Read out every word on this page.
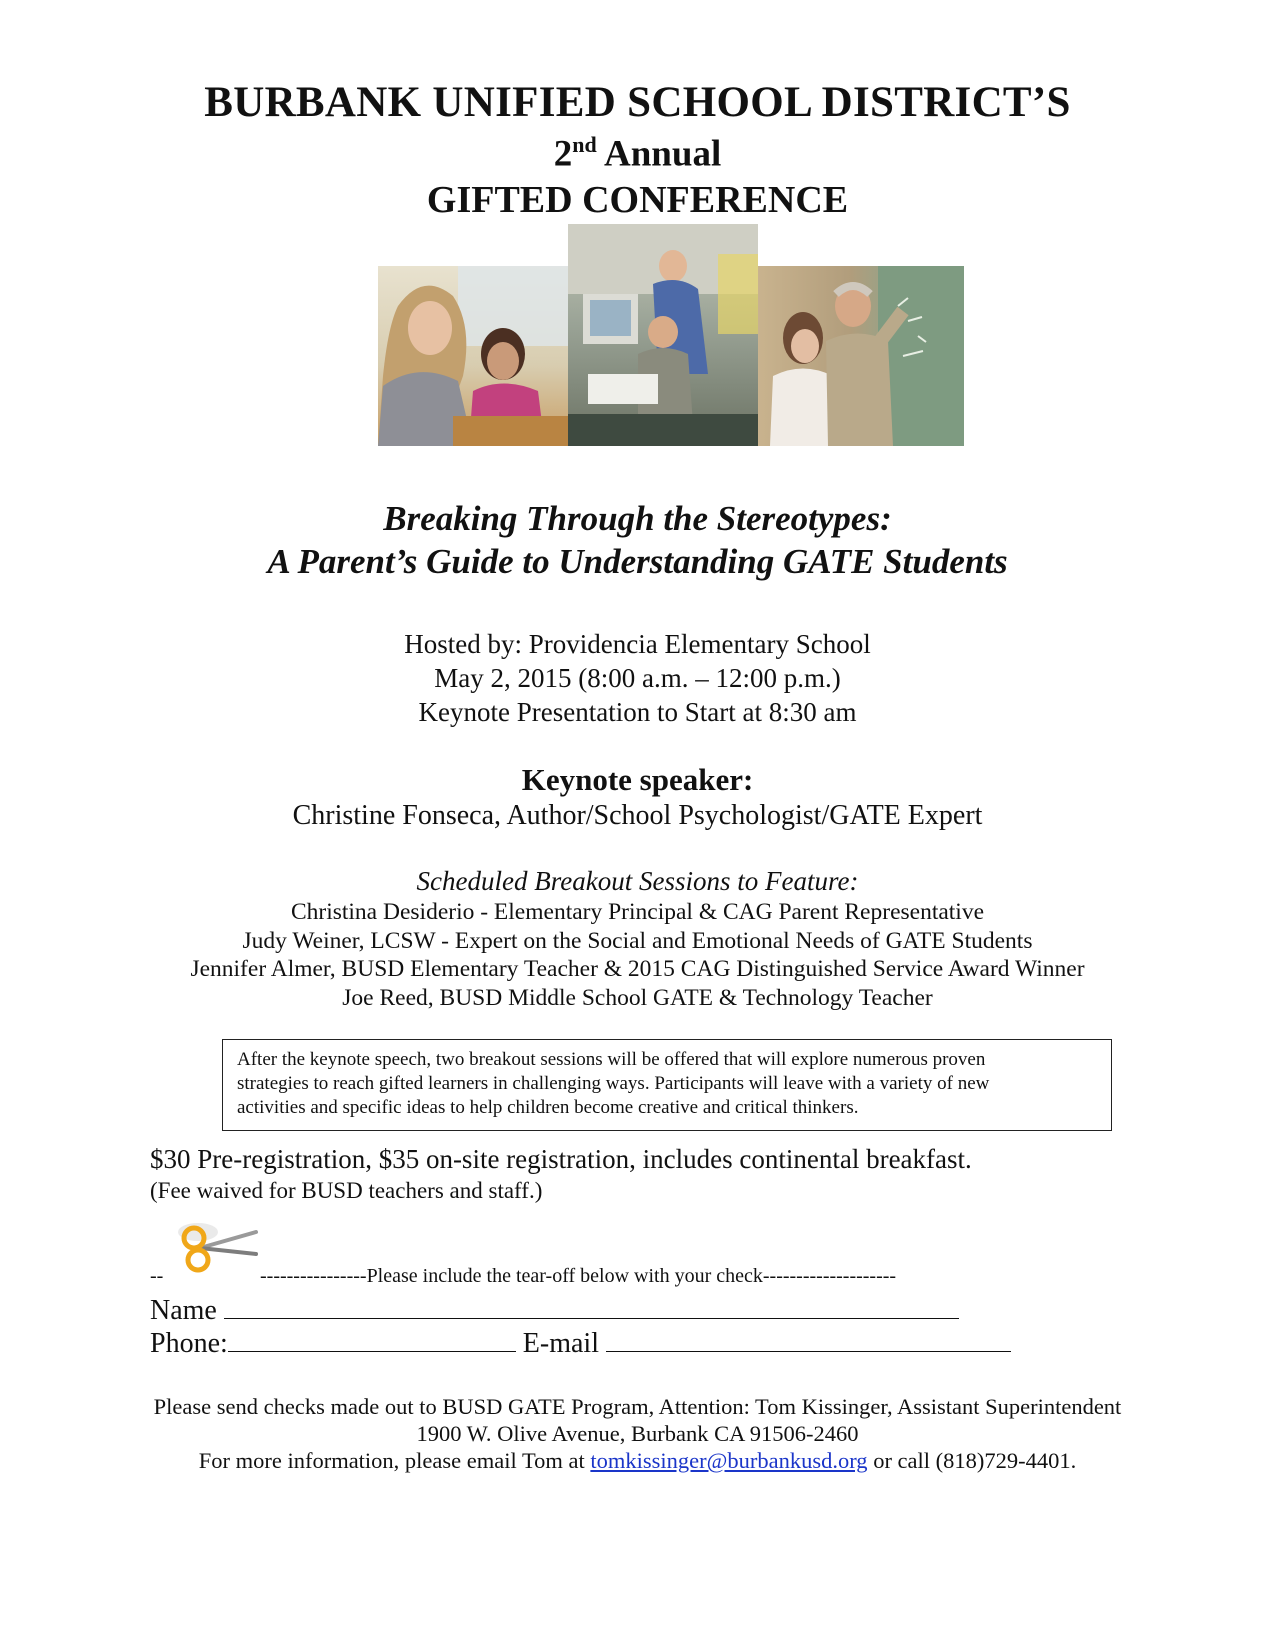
BURBANK UNIFIED SCHOOL DISTRICT’S
2nd Annual
GIFTED CONFERENCE
Breaking Through the Stereotypes:
A Parent’s Guide to Understanding GATE Students
Hosted by: Providencia Elementary School
May 2, 2015 (8:00 a.m. – 12:00 p.m.)
Keynote Presentation to Start at 8:30 am
Keynote speaker:
Christine Fonseca, Author/School Psychologist/GATE Expert
Scheduled Breakout Sessions to Feature:
Christina Desiderio - Elementary Principal & CAG Parent Representative
Judy Weiner, LCSW - Expert on the Social and Emotional Needs of GATE Students
Jennifer Almer, BUSD Elementary Teacher & 2015 CAG Distinguished Service Award Winner
Joe Reed, BUSD Middle School GATE & Technology Teacher
After the keynote speech, two breakout sessions will be offered that will explore numerous proven
strategies to reach gifted learners in challenging ways. Participants will leave with a variety of new
activities and specific ideas to help children become creative and critical thinkers.
$30 Pre-registration, $35 on-site registration, includes continental breakfast.
(Fee waived for BUSD teachers and staff.)
--	----------------Please include the tear-off below with your check--------------------
Name
Phone:	E-mail
Please send checks made out to BUSD GATE Program, Attention: Tom Kissinger, Assistant Superintendent
1900 W. Olive Avenue, Burbank CA 91506-2460
For more information, please email Tom at tomkissinger@burbankusd.org or call (818)729-4401.
